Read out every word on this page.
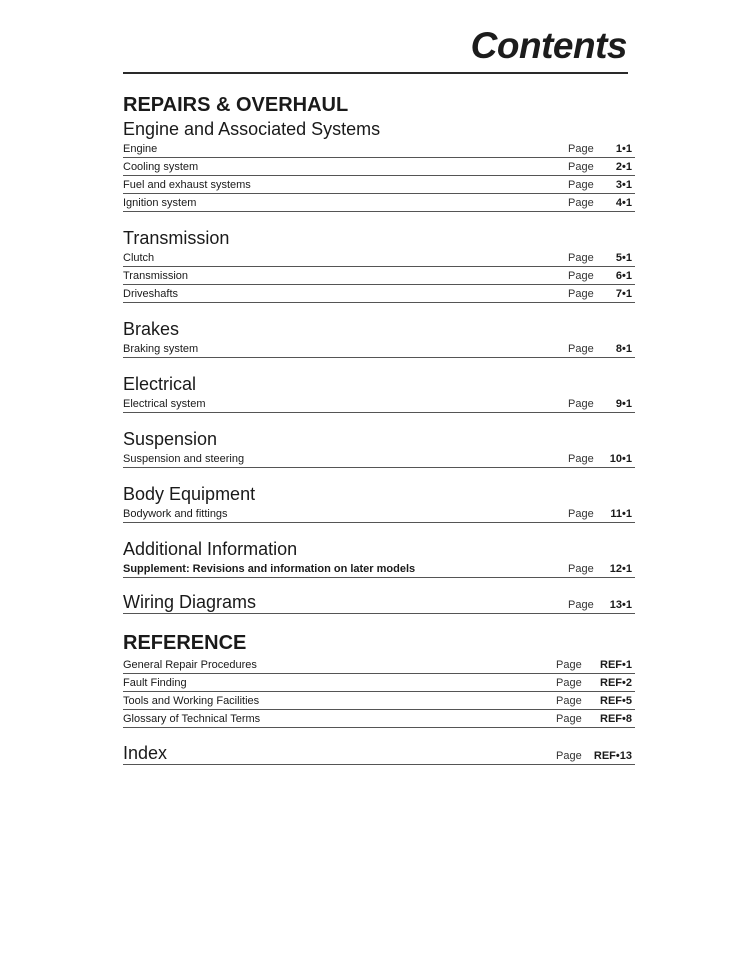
Contents
REPAIRS & OVERHAUL
Engine and Associated Systems
Engine	Page	1•1
Cooling system	Page	2•1
Fuel and exhaust systems	Page	3•1
Ignition system	Page	4•1
Transmission
Clutch	Page	5•1
Transmission	Page	6•1
Driveshafts	Page	7•1
Brakes
Braking system	Page	8•1
Electrical
Electrical system	Page	9•1
Suspension
Suspension and steering	Page	10•1
Body Equipment
Bodywork and fittings	Page	11•1
Additional Information
Supplement: Revisions and information on later models	Page	12•1
Wiring Diagrams	Page	13•1
REFERENCE
General Repair Procedures	Page	REF•1
Fault Finding	Page	REF•2
Tools and Working Facilities	Page	REF•5
Glossary of Technical Terms	Page	REF•8
Index	Page	REF•13
